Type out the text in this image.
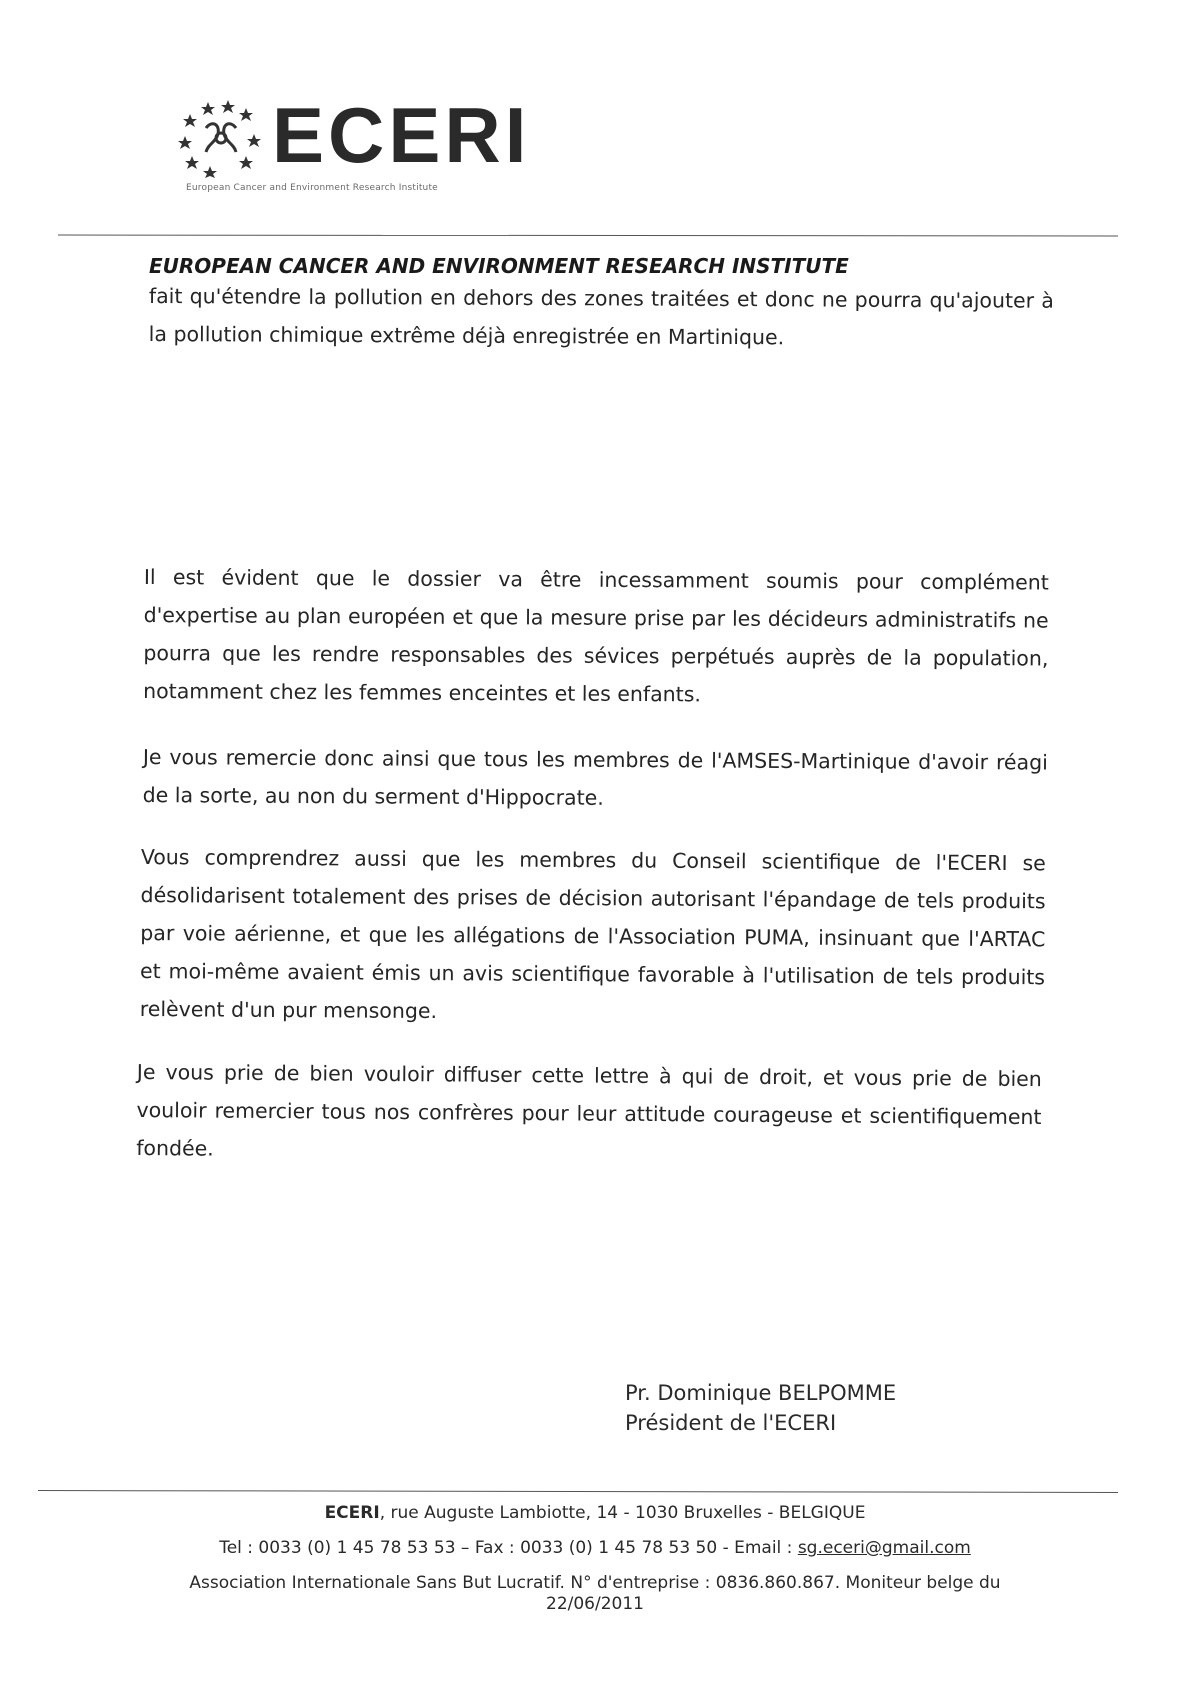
ECERI
European Cancer and Environment Research Institute
EUROPEAN CANCER AND ENVIRONMENT RESEARCH INSTITUTE

fait qu'étendre la pollution en dehors des zones traitées et donc ne pourra qu'ajouter à la pollution chimique extrême déjà enregistrée en Martinique.

Il est évident que le dossier va être incessamment soumis pour complément d'expertise au plan européen et que la mesure prise par les décideurs administratifs ne pourra que les rendre responsables des sévices perpétués auprès de la population, notamment chez les femmes enceintes et les enfants.

Je vous remercie donc ainsi que tous les membres de l'AMSES-Martinique d'avoir réagi de la sorte, au non du serment d'Hippocrate.

Vous comprendrez aussi que les membres du Conseil scientifique de l'ECERI se désolidarisent totalement des prises de décision autorisant l'épandage de tels produits par voie aérienne, et que les allégations de l'Association PUMA, insinuant que l'ARTAC et moi-même avaient émis un avis scientifique favorable à l'utilisation de tels produits relèvent d'un pur mensonge.

Je vous prie de bien vouloir diffuser cette lettre à qui de droit, et vous prie de bien vouloir remercier tous nos confrères pour leur attitude courageuse et scientifiquement fondée.

Pr. Dominique BELPOMME
Président de l'ECERI
ECERI, rue Auguste Lambiotte, 14 - 1030 Bruxelles - BELGIQUE
Tel : 0033 (0) 1 45 78 53 53 – Fax : 0033 (0) 1 45 78 53 50 - Email : sg.eceri@gmail.com
Association Internationale Sans But Lucratif. N° d'entreprise : 0836.860.867. Moniteur belge du
22/06/2011
